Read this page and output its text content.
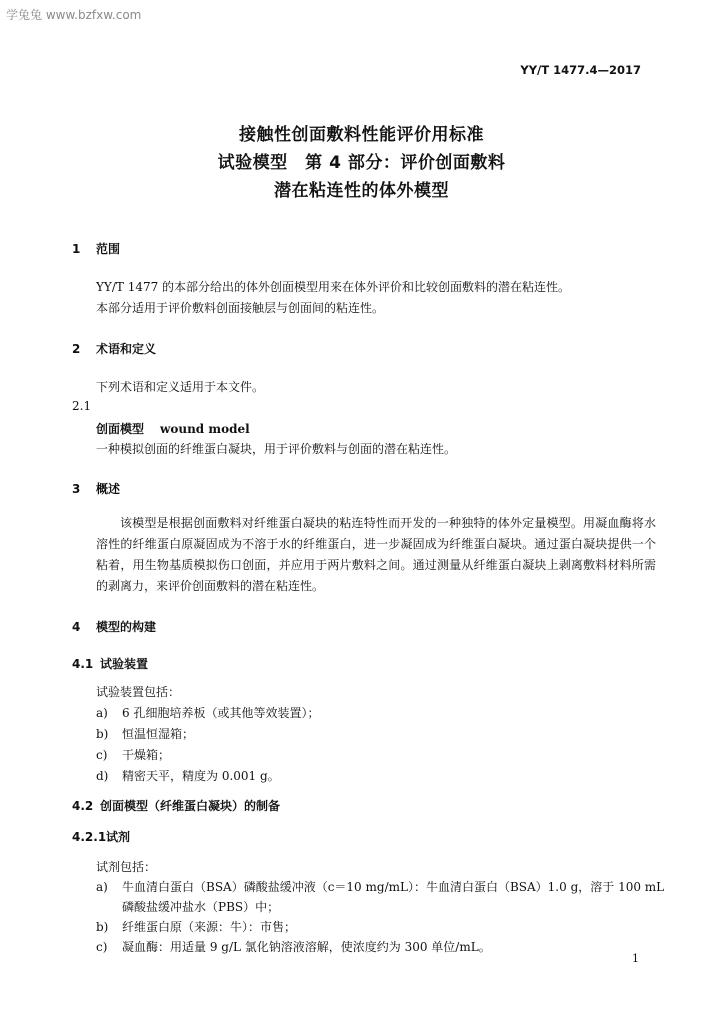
学兔兔 www.bzfxw.com
YY/T 1477.4—2017
接触性创面敷料性能评价用标准
试验模型　第 4 部分：评价创面敷料
潜在粘连性的体外模型
1 范围
YY/T 1477 的本部分给出的体外创面模型用来在体外评价和比较创面敷料的潜在粘连性。
本部分适用于评价敷料创面接触层与创面间的粘连性。
2 术语和定义
下列术语和定义适用于本文件。
2.1
创面模型 wound model
一种模拟创面的纤维蛋白凝块，用于评价敷料与创面的潜在粘连性。
3 概述
该模型是根据创面敷料对纤维蛋白凝块的粘连特性而开发的一种独特的体外定量模型。用凝血酶将水溶性的纤维蛋白原凝固成为不溶于水的纤维蛋白，进一步凝固成为纤维蛋白凝块。通过蛋白凝块提供一个粘着，用生物基质模拟伤口创面，并应用于两片敷料之间。通过测量从纤维蛋白凝块上剥离敷料材料所需的剥离力，来评价创面敷料的潜在粘连性。
4 模型的构建
4.1 试验装置
试验装置包括：
a) 6 孔细胞培养板（或其他等效装置）；
b) 恒温恒湿箱；
c) 干燥箱；
d) 精密天平，精度为 0.001 g。
4.2 创面模型（纤维蛋白凝块）的制备
4.2.1试剂
试剂包括：
a) 牛血清白蛋白（BSA）磷酸盐缓冲液（c＝10 mg/mL）：牛血清白蛋白（BSA）1.0 g，溶于 100 mL
磷酸盐缓冲盐水（PBS）中；
b) 纤维蛋白原（来源：牛）：市售；
c) 凝血酶：用适量 9 g/L 氯化钠溶液溶解，使浓度约为 300 单位/mL。
1
